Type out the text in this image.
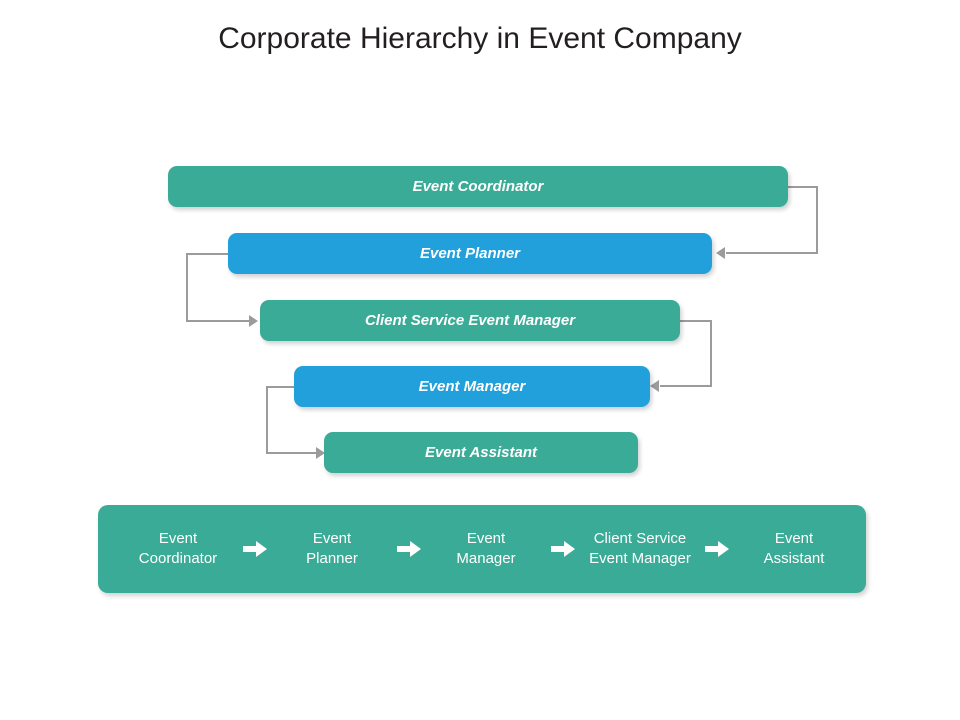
Corporate Hierarchy in Event Company
Event Coordinator
Event Planner
Client Service Event Manager
Event Manager
Event Assistant
Event
Coordinator
Event
Planner
Event
Manager
Client Service
Event Manager
Event
Assistant
